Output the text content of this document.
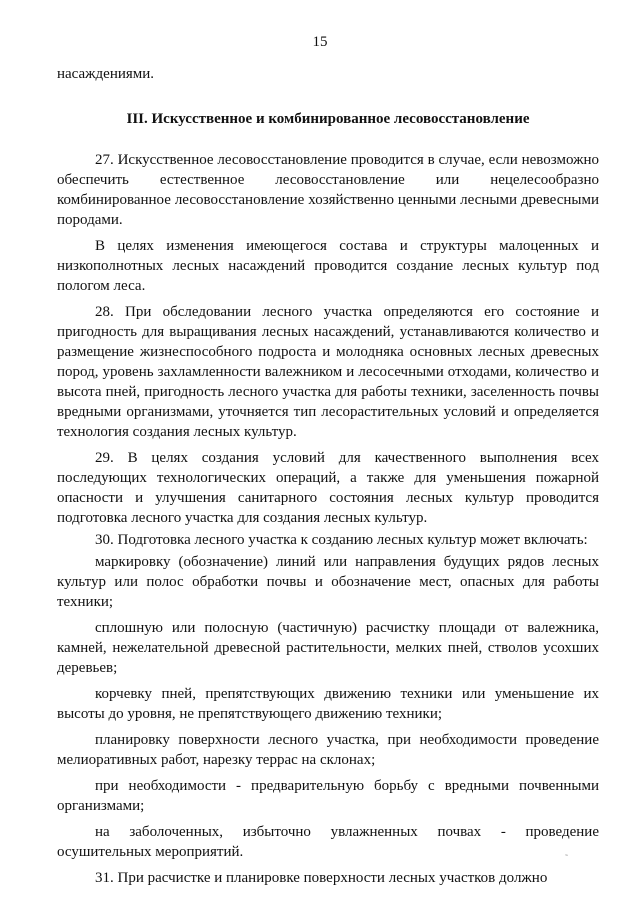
15

насаждениями.

III. Искусственное и комбинированное лесовосстановление

27. Искусственное лесовосстановление проводится в случае, если невозможно обеспечить естественное лесовосстановление или нецелесообразно комбинированное лесовосстановление хозяйственно ценными лесными древесными породами.

В целях изменения имеющегося состава и структуры малоценных и низкополнотных лесных насаждений проводится создание лесных культур под пологом леса.

28. При обследовании лесного участка определяются его состояние и пригодность для выращивания лесных насаждений, устанавливаются количество и размещение жизнеспособного подроста и молодняка основных лесных древесных пород, уровень захламленности валежником и лесосечными отходами, количество и высота пней, пригодность лесного участка для работы техники, заселенность почвы вредными организмами, уточняется тип лесорастительных условий и определяется технология создания лесных культур.

29. В целях создания условий для качественного выполнения всех последующих технологических операций, а также для уменьшения пожарной опасности и улучшения санитарного состояния лесных культур проводится подготовка лесного участка для создания лесных культур.

30. Подготовка лесного участка к созданию лесных культур может включать:

маркировку (обозначение) линий или направления будущих рядов лесных культур или полос обработки почвы и обозначение мест, опасных для работы техники;

сплошную или полосную (частичную) расчистку площади от валежника, камней, нежелательной древесной растительности, мелких пней, стволов усохших деревьев;

корчевку пней, препятствующих движению техники или уменьшение их высоты до уровня, не препятствующего движению техники;

планировку поверхности лесного участка, при необходимости проведение мелиоративных работ, нарезку террас на склонах;

при необходимости - предварительную борьбу с вредными почвенными организмами;

на заболоченных, избыточно увлажненных почвах - проведение осушительных мероприятий.

31. При расчистке и планировке поверхности лесных участков должно

˜
